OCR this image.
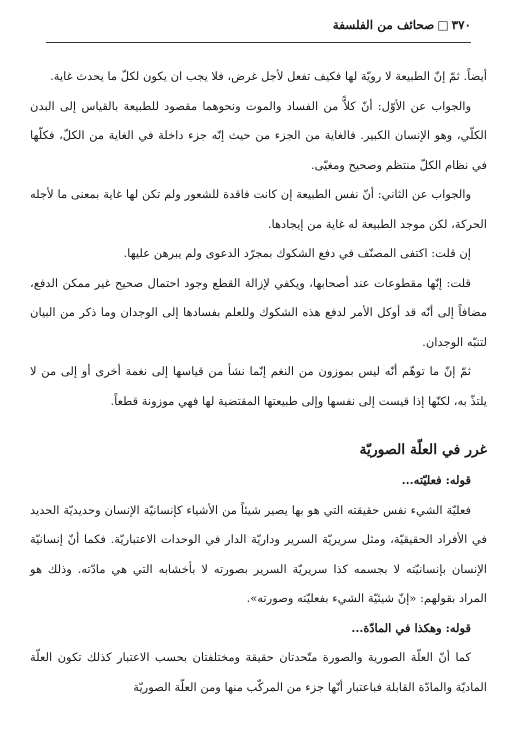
٣٧٠
□
صحائف من الفلسفة

أيضاً. ثمّ إنّ الطبيعة لا رويّة لها فكيف تفعل لأجل غرض، فلا يجب ان يكون لكلّ ما يحدث غاية.

والجواب عن الأوّل: أنّ كلاًّ من الفساد والموت ونحوهما مقصود للطبيعة بالقياس إلى البدن الكلّي، وهو الإنسان الكبير. فالغاية من الجزء من حيث إنّه جزء داخلة في الغاية من الكلّ، فكلّها في نظام الكلّ منتظم وصحيح ومغيّى.

والجواب عن الثاني: أنّ نفس الطبيعة إن كانت فاقدة للشعور ولم تكن لها غاية بمعنى ما لأجله الحركة، لكن موجد الطبيعة له غاية من إيجادها.

إن قلت: اكتفى المصنّف في دفع الشكوك بمجرّد الدعوى ولم يبرهن عليها.

قلت: إنّها مقطوعات عند أصحابها، ويكفي لإزالة القطع وجود احتمال صحيح غير ممكن الدفع، مضافاً إلى أنّه قد أوكل الأمر لدفع هذه الشكوك وللعلم بفسادها إلى الوجدان وما ذكر من البيان لتنبّه الوجدان.

ثمّ إنّ ما توهّم أنّه ليس بموزون من النغم إنّما نشأ من قياسها إلى نغمة أخرى أو إلى من لا يلتذّ به، لكنّها إذا قيست إلى نفسها وإلى طبيعتها المقتضية لها فهي موزونة قطعاً.

غرر في العلّة الصوريّة

قوله: فعليّته...

فعليّة الشيء نفس حقيقته التي هو بها يصير شيئاً من الأشياء كإنسانيّة الإنسان وحديديّة الحديد في الأفراد الحقيقيّة، ومثل سريريّة السرير وداريّة الدار في الوحدات الاعتباريّة. فكما أنّ إنسانيّة الإنسان بإنسانيّته لا بجسمه كذا سريريّة السرير بصورته لا بأخشابه التي هي مادّته. وذلك هو المراد بقولهم: «إنّ شيئيّة الشيء بفعليّته وصورته».

قوله: وهكذا في المادّة...

كما أنّ العلّة الصورية والصورة متّحدتان حقيقة ومختلفتان بحسب الاعتبار كذلك تكون العلّة الماديّة والمادّة القابلة فباعتبار أنّها جزء من المركّب منها ومن العلّة الصوريّة
